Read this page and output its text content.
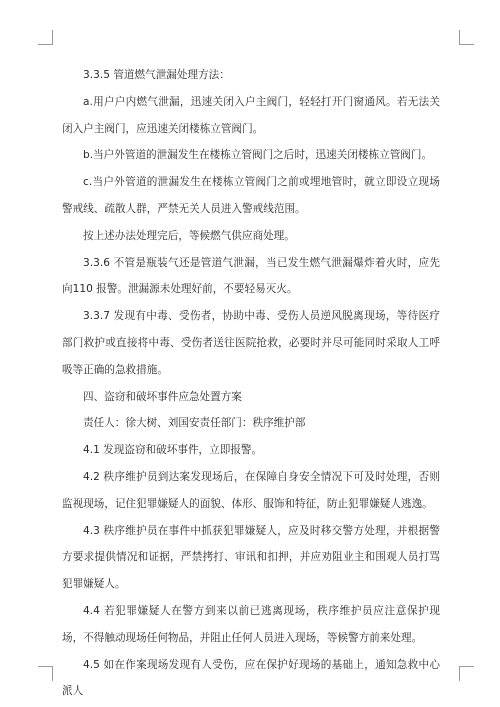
3.3.5 管道燃气泄漏处理方法：

a.用户户内燃气泄漏，迅速关闭入户主阀门，轻轻打开门窗通风。若无法关闭入户主阀门，应迅速关闭楼栋立管阀门。

b.当户外管道的泄漏发生在楼栋立管阀门之后时，迅速关闭楼栋立管阀门。

c.当户外管道的泄漏发生在楼栋立管阀门之前或埋地管时，就立即设立现场警戒线、疏散人群，严禁无关人员进入警戒线范围。

按上述办法处理完后，等候燃气供应商处理。

3.3.6 不管是瓶装气还是管道气泄漏，当已发生燃气泄漏爆炸着火时，应先向110 报警。泄漏源未处理好前，不要轻易灭火。

3.3.7 发现有中毒、受伤者，协助中毒、受伤人员逆风脱离现场，等待医疗部门救护或直接将中毒、受伤者送往医院抢救，必要时并尽可能同时采取人工呼吸等正确的急救措施。

四、盗窃和破坏事件应急处置方案

责任人：徐大树、刘国安责任部门：秩序维护部

4.1 发现盗窃和破坏事件，立即报警。

4.2 秩序维护员到达案发现场后，在保障自身安全情况下可及时处理，否则监视现场，记住犯罪嫌疑人的面貌、体形、服饰和特征，防止犯罪嫌疑人逃逸。

4.3 秩序维护员在事件中抓获犯罪嫌疑人，应及时移交警方处理，并根据警方要求提供情况和证据，严禁拷打、审讯和扣押，并应劝阻业主和围观人员打骂犯罪嫌疑人。

4.4 若犯罪嫌疑人在警方到来以前已逃离现场，秩序维护员应注意保护现场，不得触动现场任何物品，并阻止任何人员进入现场，等候警方前来处理。

4.5 如在作案现场发现有人受伤，应在保护好现场的基础上，通知急救中心派人
